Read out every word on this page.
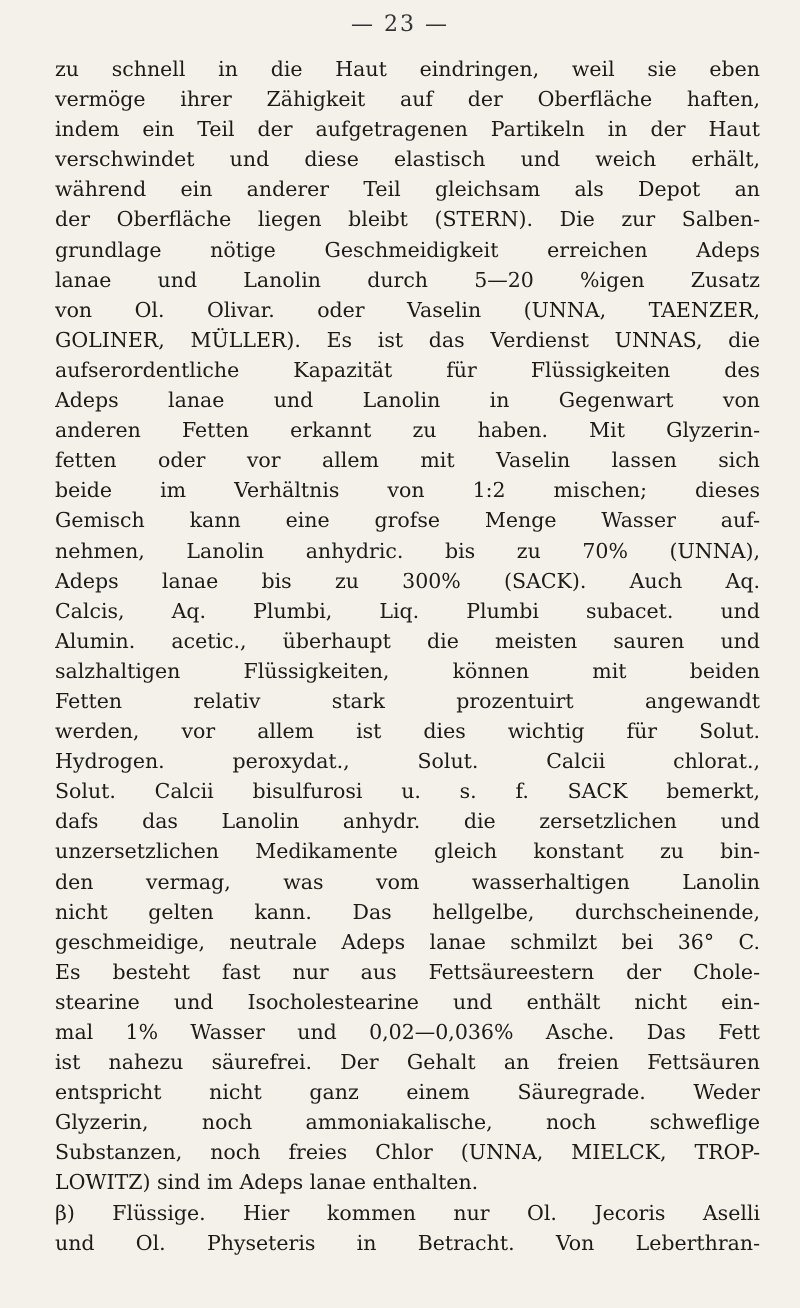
— 23 —
zu schnell in die Haut eindringen, weil sie eben
vermöge ihrer Zähigkeit auf der Oberfläche haften,
indem ein Teil der aufgetragenen Partikeln in der Haut
verschwindet und diese elastisch und weich erhält,
während ein anderer Teil gleichsam als Depot an
der Oberfläche liegen bleibt (STERN). Die zur Salben-
grundlage nötige Geschmeidigkeit erreichen Adeps
lanae und Lanolin durch 5—20 %igen Zusatz
von Ol. Olivar. oder Vaselin (UNNA, TAENZER,
GOLINER, MÜLLER). Es ist das Verdienst UNNAS, die
aufserordentliche Kapazität für Flüssigkeiten des
Adeps lanae und Lanolin in Gegenwart von
anderen Fetten erkannt zu haben. Mit Glyzerin-
fetten oder vor allem mit Vaselin lassen sich
beide im Verhältnis von 1:2 mischen; dieses
Gemisch kann eine grofse Menge Wasser auf-
nehmen, Lanolin anhydric. bis zu 70% (UNNA),
Adeps lanae bis zu 300% (SACK). Auch Aq.
Calcis, Aq. Plumbi, Liq. Plumbi subacet. und
Alumin. acetic., überhaupt die meisten sauren und
salzhaltigen Flüssigkeiten, können mit beiden
Fetten relativ stark prozentuirt angewandt
werden, vor allem ist dies wichtig für Solut.
Hydrogen. peroxydat., Solut. Calcii chlorat.,
Solut. Calcii bisulfurosi u. s. f. SACK bemerkt,
dafs das Lanolin anhydr. die zersetzlichen und
unzersetzlichen Medikamente gleich konstant zu bin-
den vermag, was vom wasserhaltigen Lanolin
nicht gelten kann. Das hellgelbe, durchscheinende,
geschmeidige, neutrale Adeps lanae schmilzt bei 36° C.
Es besteht fast nur aus Fettsäureestern der Chole-
stearine und Isocholestearine und enthält nicht ein-
mal 1% Wasser und 0,02—0,036% Asche. Das Fett
ist nahezu säurefrei. Der Gehalt an freien Fettsäuren
entspricht nicht ganz einem Säuregrade. Weder
Glyzerin, noch ammoniakalische, noch schweflige
Substanzen, noch freies Chlor (UNNA, MIELCK, TROP-
LOWITZ) sind im Adeps lanae enthalten.
β) Flüssige. Hier kommen nur Ol. Jecoris Aselli
und Ol. Physeteris in Betracht. Von Leberthran-
